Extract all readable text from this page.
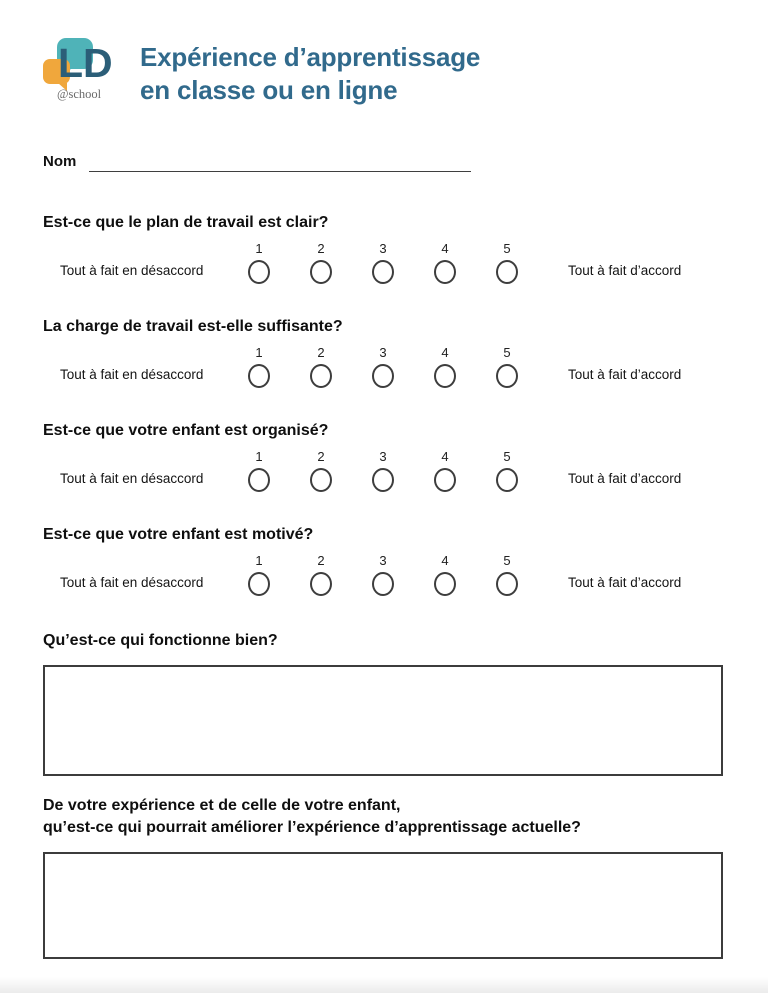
LD
@school
Expérience d’apprentissage
en classe ou en ligne
Nom
Est-ce que le plan de travail est clair?
Tout à fait en désaccord
1	2	3	4	5
Tout à fait d’accord
La charge de travail est-elle suffisante?
Tout à fait en désaccord
1	2	3	4	5
Tout à fait d’accord
Est-ce que votre enfant est organisé?
Tout à fait en désaccord
1	2	3	4	5
Tout à fait d’accord
Est-ce que votre enfant est motivé?
Tout à fait en désaccord
1	2	3	4	5
Tout à fait d’accord
Qu’est-ce qui fonctionne bien?
De votre expérience et de celle de votre enfant,
qu’est-ce qui pourrait améliorer l’expérience d’apprentissage actuelle?
